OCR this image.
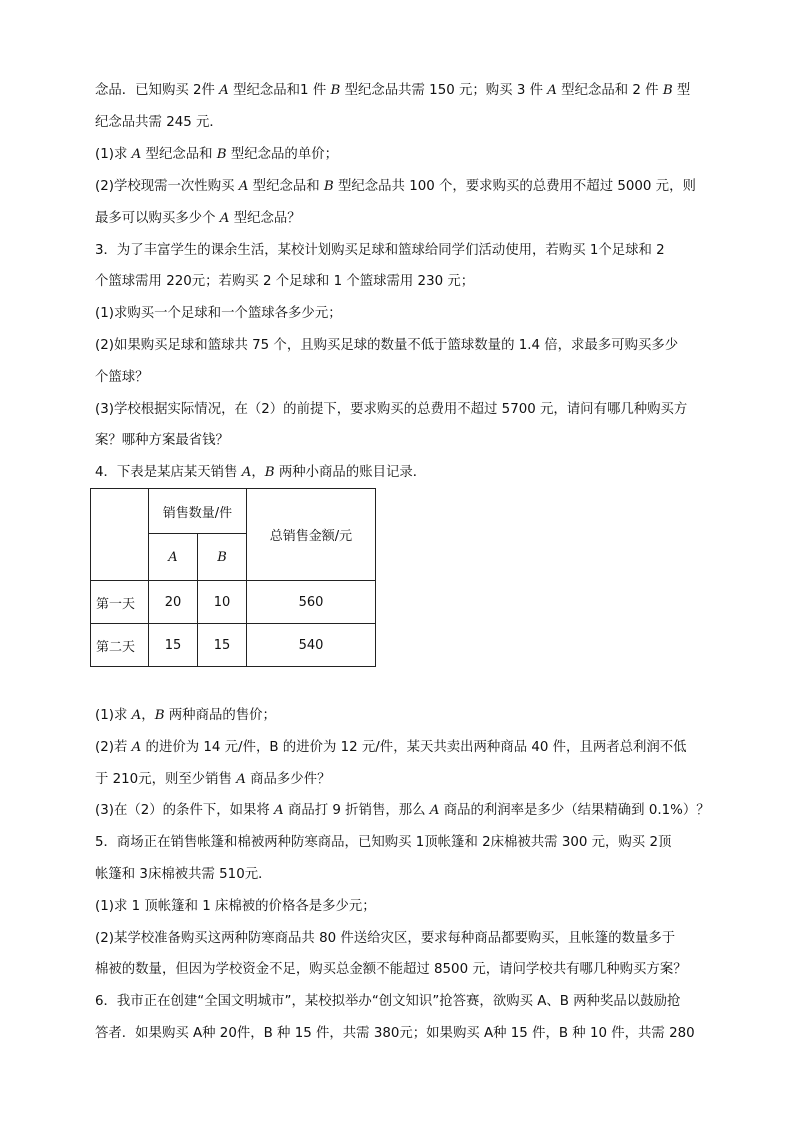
念品．已知购买 2件 A 型纪念品和1 件 B 型纪念品共需 150 元；购买 3 件 A 型纪念品和 2 件 B 型
纪念品共需 245 元．
(1)求 A 型纪念品和 B 型纪念品的单价；
(2)学校现需一次性购买 A 型纪念品和 B 型纪念品共 100 个，要求购买的总费用不超过 5000 元，则
最多可以购买多少个 A 型纪念品？
3．为了丰富学生的课余生活，某校计划购买足球和篮球给同学们活动使用，若购买 1个足球和 2
个篮球需用 220元；若购买 2 个足球和 1 个篮球需用 230 元；
(1)求购买一个足球和一个篮球各多少元；
(2)如果购买足球和篮球共 75 个，且购买足球的数量不低于篮球数量的 1.4 倍，求最多可购买多少
个篮球？
(3)学校根据实际情况，在（2）的前提下，要求购买的总费用不超过 5700 元，请问有哪几种购买方
案？哪种方案最省钱？
4．下表是某店某天销售 A，B 两种小商品的账目记录．
	销售数量/件		总销售金额/元
	A	B	
第一天	20	10	560
第二天	15	15	540
(1)求 A，B 两种商品的售价；
(2)若 A 的进价为 14 元/件，B 的进价为 12 元/件，某天共卖出两种商品 40 件，且两者总利润不低
于 210元，则至少销售 A 商品多少件？
(3)在（2）的条件下，如果将 A 商品打 9 折销售，那么 A 商品的利润率是多少（结果精确到 0.1%）？
5．商场正在销售帐篷和棉被两种防寒商品，已知购买 1顶帐篷和 2床棉被共需 300 元，购买 2顶
帐篷和 3床棉被共需 510元．
(1)求 1 顶帐篷和 1 床棉被的价格各是多少元；
(2)某学校准备购买这两种防寒商品共 80 件送给灾区，要求每种商品都要购买，且帐篷的数量多于
棉被的数量，但因为学校资金不足，购买总金额不能超过 8500 元，请问学校共有哪几种购买方案？
6．我市正在创建“全国文明城市”，某校拟举办“创文知识”抢答赛，欲购买 A、B 两种奖品以鼓励抢
答者．如果购买 A种 20件，B 种 15 件，共需 380元；如果购买 A种 15 件，B 种 10 件，共需 280
